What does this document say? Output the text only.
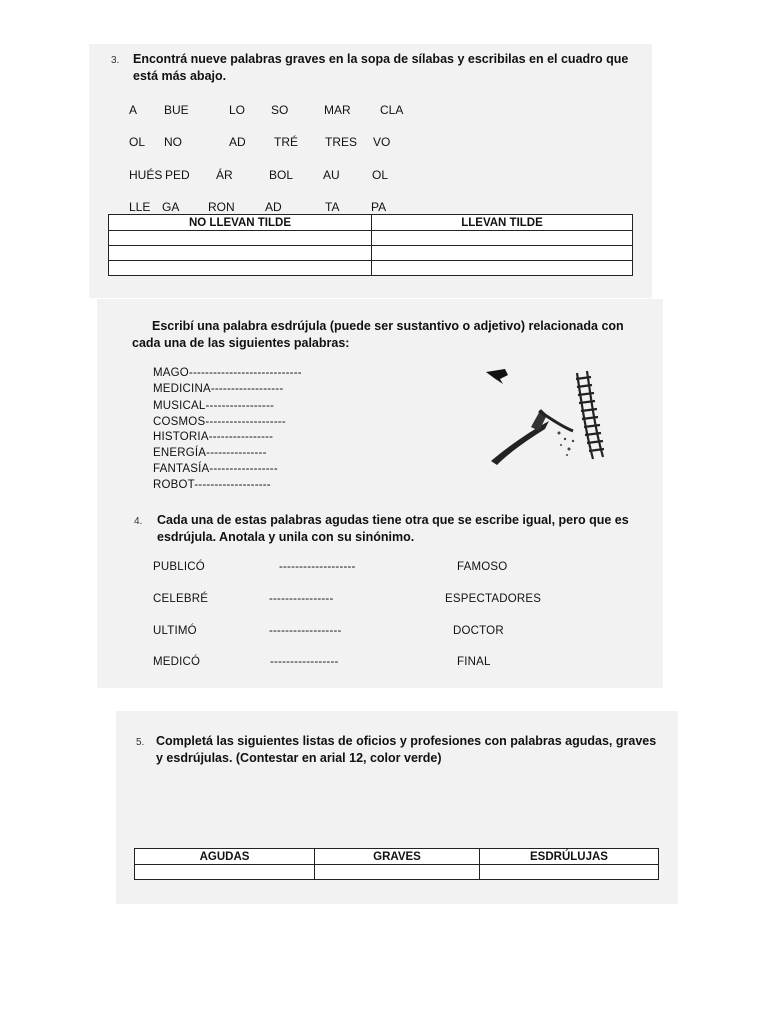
3. Encontrá nueve palabras graves en la sopa de sílabas y escribilas en el cuadro que
está más abajo.
A BUE	LO SO	MAR CLA
OL NO	AD TRÉ TRES VO
HUÉS PED ÁR	BOL AU	OL
LLE GA RON	AD	TA	PA
NO LLEVAN TILDE	LLEVAN TILDE

Escribí una palabra esdrújula (puede ser sustantivo o adjetivo) relacionada con
cada una de las siguientes palabras:
MAGO----------------------------
MEDICINA------------------
MUSICAL-----------------
COSMOS--------------------
HISTORIA----------------
ENERGÍA---------------
FANTASÍA-----------------
ROBOT-------------------
4. Cada una de estas palabras agudas tiene otra que se escribe igual, pero que es
esdrújula. Anotala y unila con su sinónimo.
PUBLICÓ	-------------------	FAMOSO
CELEBRÉ	----------------	ESPECTADORES
ULTIMÓ	------------------	DOCTOR
MEDICÓ	-----------------	FINAL
5. Completá las siguientes listas de oficios y profesiones con palabras agudas, graves
y esdrújulas. (Contestar en arial 12, color verde)
AGUDAS	GRAVES	ESDRÚLUJAS
